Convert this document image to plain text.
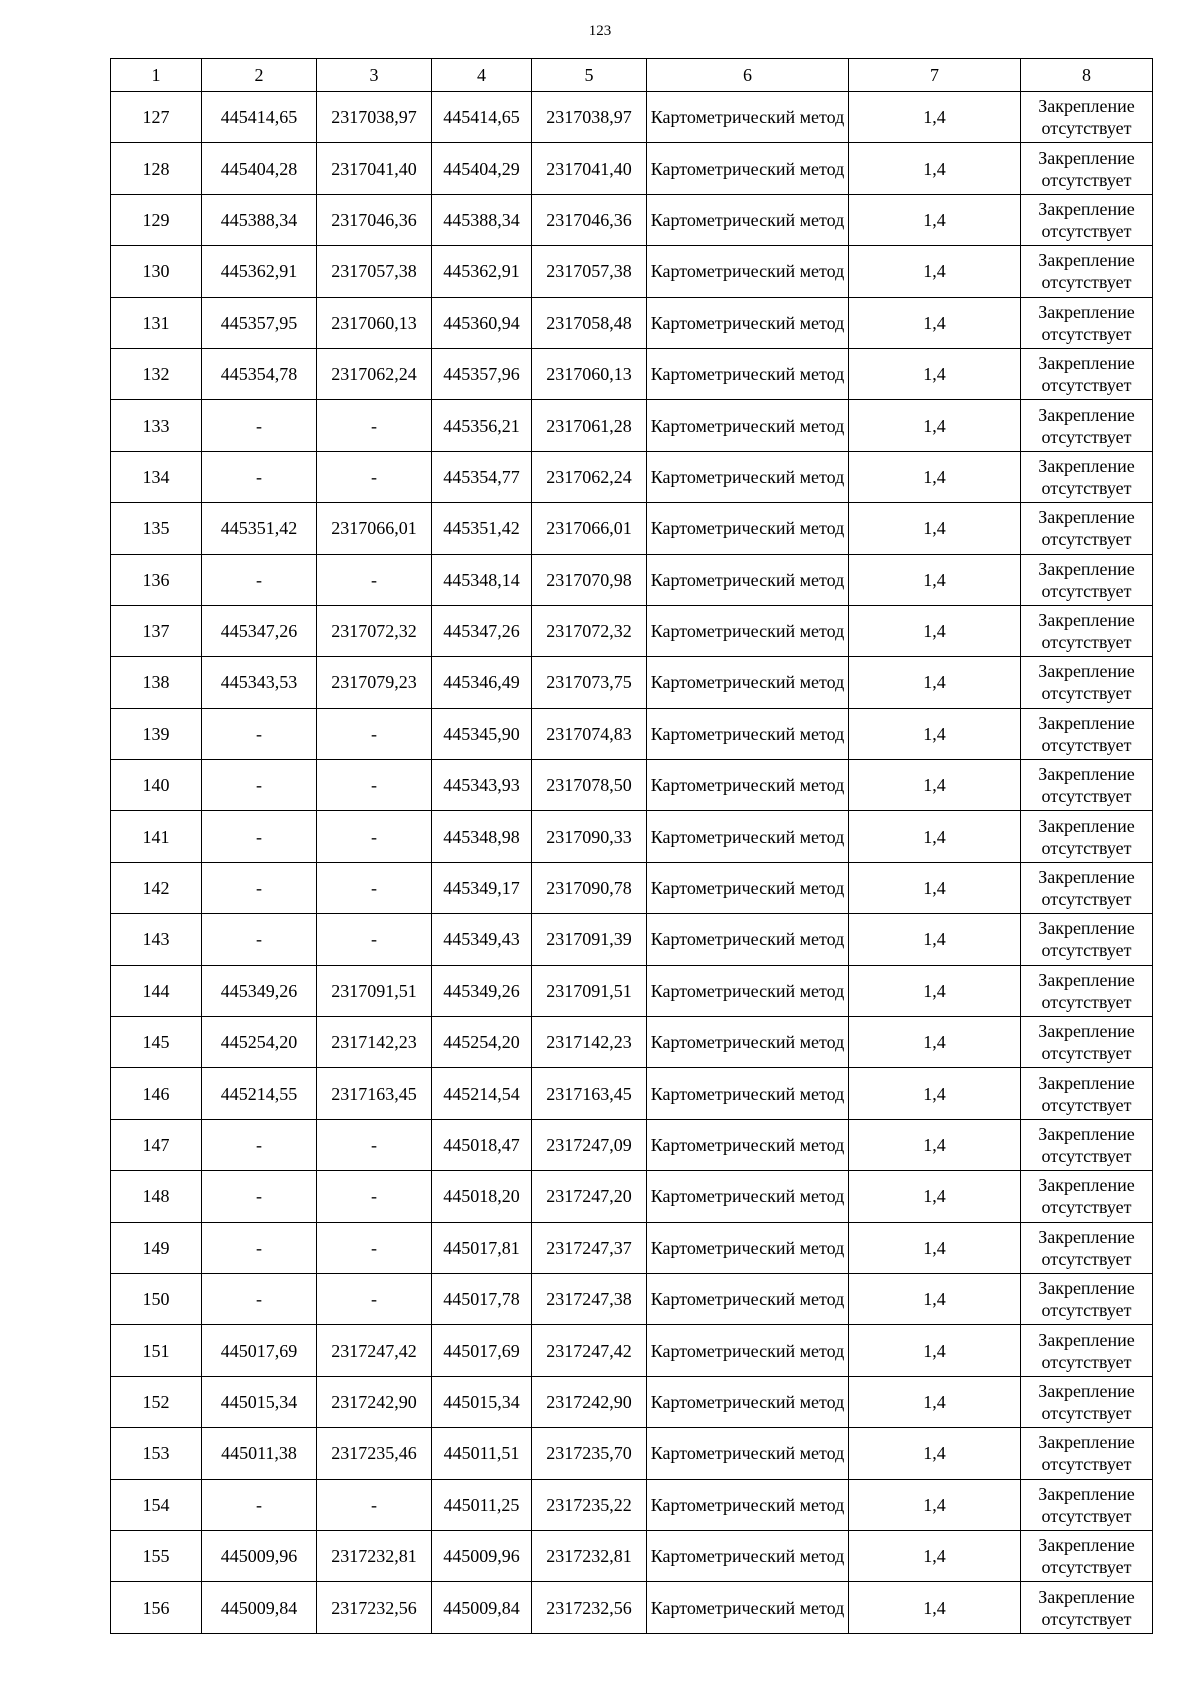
123
1	2	3	4	5	6	7	8
127	445414,65	2317038,97	445414,65	2317038,97	Картометрический метод	1,4	Закрепление отсутствует
128	445404,28	2317041,40	445404,29	2317041,40	Картометрический метод	1,4	Закрепление отсутствует
129	445388,34	2317046,36	445388,34	2317046,36	Картометрический метод	1,4	Закрепление отсутствует
130	445362,91	2317057,38	445362,91	2317057,38	Картометрический метод	1,4	Закрепление отсутствует
131	445357,95	2317060,13	445360,94	2317058,48	Картометрический метод	1,4	Закрепление отсутствует
132	445354,78	2317062,24	445357,96	2317060,13	Картометрический метод	1,4	Закрепление отсутствует
133	-	-	445356,21	2317061,28	Картометрический метод	1,4	Закрепление отсутствует
134	-	-	445354,77	2317062,24	Картометрический метод	1,4	Закрепление отсутствует
135	445351,42	2317066,01	445351,42	2317066,01	Картометрический метод	1,4	Закрепление отсутствует
136	-	-	445348,14	2317070,98	Картометрический метод	1,4	Закрепление отсутствует
137	445347,26	2317072,32	445347,26	2317072,32	Картометрический метод	1,4	Закрепление отсутствует
138	445343,53	2317079,23	445346,49	2317073,75	Картометрический метод	1,4	Закрепление отсутствует
139	-	-	445345,90	2317074,83	Картометрический метод	1,4	Закрепление отсутствует
140	-	-	445343,93	2317078,50	Картометрический метод	1,4	Закрепление отсутствует
141	-	-	445348,98	2317090,33	Картометрический метод	1,4	Закрепление отсутствует
142	-	-	445349,17	2317090,78	Картометрический метод	1,4	Закрепление отсутствует
143	-	-	445349,43	2317091,39	Картометрический метод	1,4	Закрепление отсутствует
144	445349,26	2317091,51	445349,26	2317091,51	Картометрический метод	1,4	Закрепление отсутствует
145	445254,20	2317142,23	445254,20	2317142,23	Картометрический метод	1,4	Закрепление отсутствует
146	445214,55	2317163,45	445214,54	2317163,45	Картометрический метод	1,4	Закрепление отсутствует
147	-	-	445018,47	2317247,09	Картометрический метод	1,4	Закрепление отсутствует
148	-	-	445018,20	2317247,20	Картометрический метод	1,4	Закрепление отсутствует
149	-	-	445017,81	2317247,37	Картометрический метод	1,4	Закрепление отсутствует
150	-	-	445017,78	2317247,38	Картометрический метод	1,4	Закрепление отсутствует
151	445017,69	2317247,42	445017,69	2317247,42	Картометрический метод	1,4	Закрепление отсутствует
152	445015,34	2317242,90	445015,34	2317242,90	Картометрический метод	1,4	Закрепление отсутствует
153	445011,38	2317235,46	445011,51	2317235,70	Картометрический метод	1,4	Закрепление отсутствует
154	-	-	445011,25	2317235,22	Картометрический метод	1,4	Закрепление отсутствует
155	445009,96	2317232,81	445009,96	2317232,81	Картометрический метод	1,4	Закрепление отсутствует
156	445009,84	2317232,56	445009,84	2317232,56	Картометрический метод	1,4	Закрепление отсутствует
